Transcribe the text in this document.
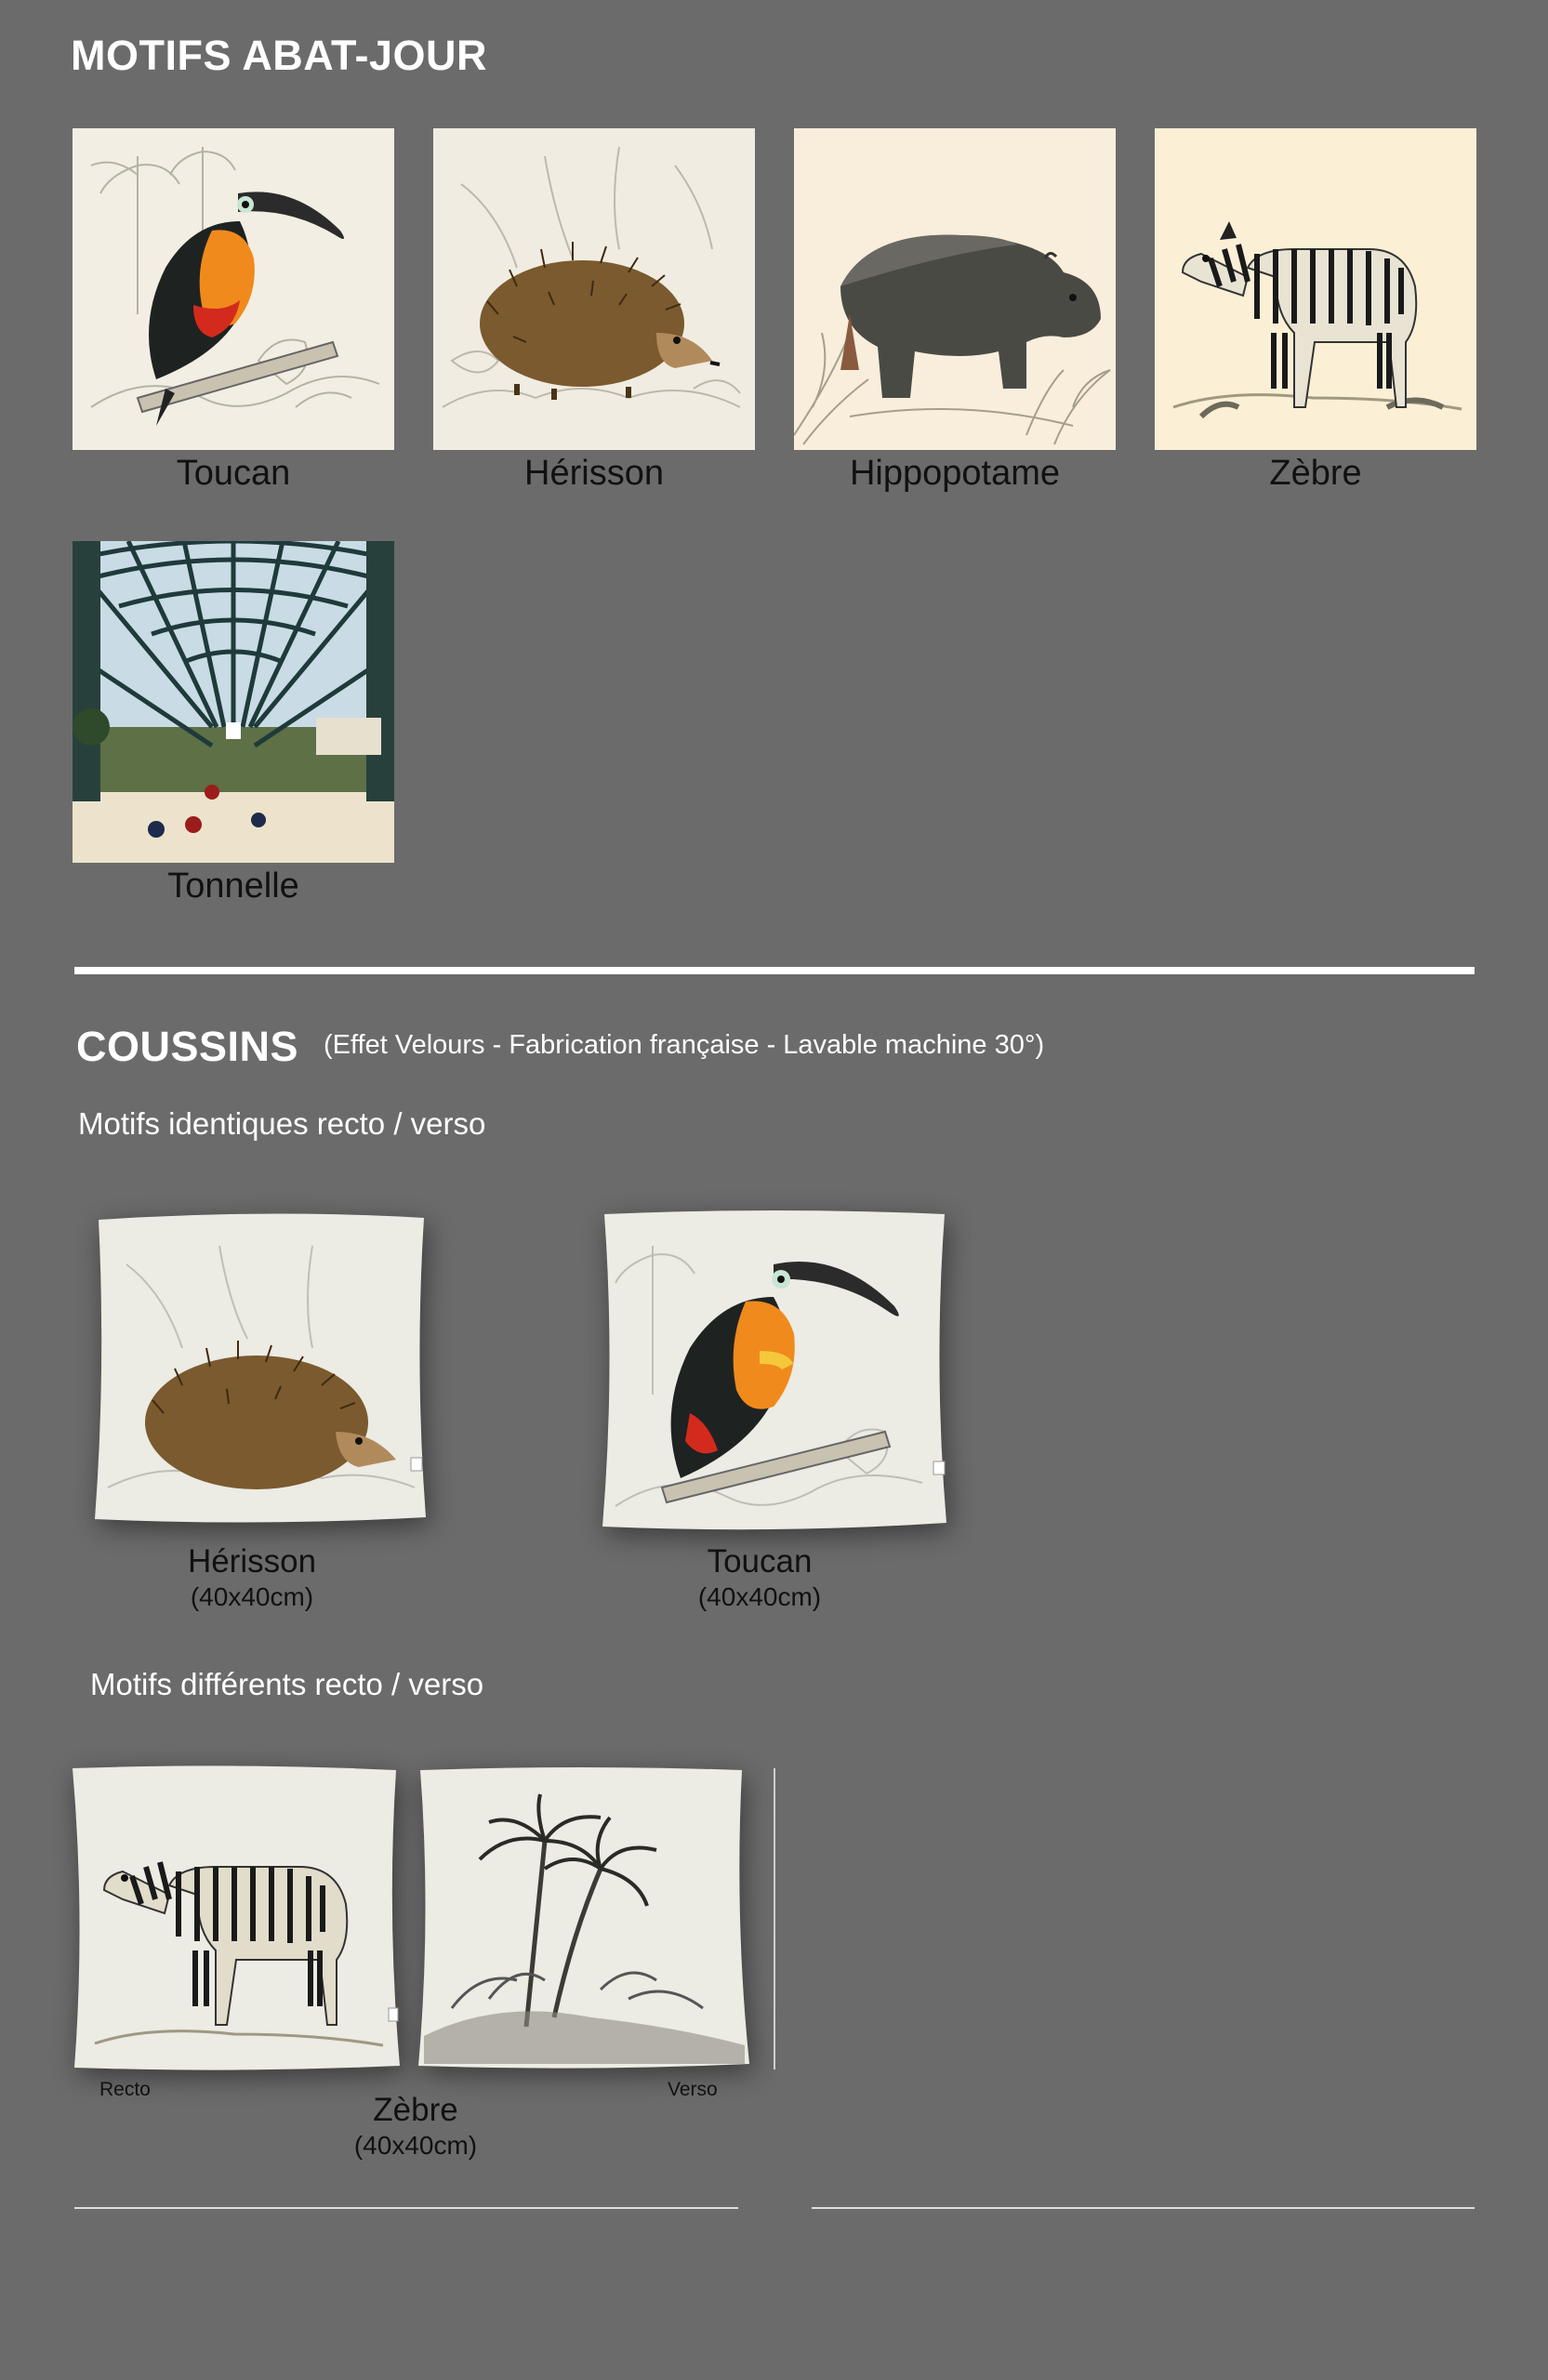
MOTIFS ABAT-JOUR
Toucan	Hérisson	Hippopotame	Zèbre
Tonnelle
COUSSINS (Effet Velours - Fabrication française - Lavable machine 30°)
Motifs identiques recto / verso
Hérisson
(40x40cm)
Toucan
(40x40cm)
Motifs différents recto / verso
Recto	Verso
Zèbre
(40x40cm)
